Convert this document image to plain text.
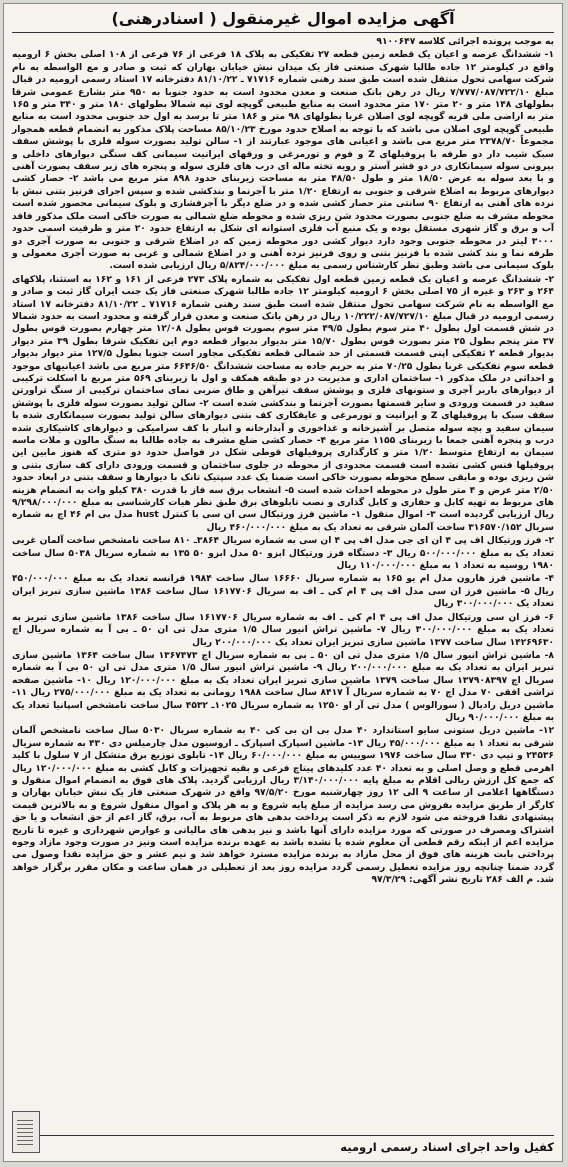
آگهی مزایده اموال غیرمنقول ( اسنادرهنی)

به موجب پرونده اجرائی کلاسه ۹۱۰۰۶۴۷

۱- ششدانگ عرصه و اعیان یک قطعه زمین قطعه ۲۷ تفکیکی به پلاک ۱۸ فرعی از ۷۶ فرعی از ۱۰۸ اصلی بخش ۶ ارومیه واقع در کیلومتر ۱۲ جاده طالبا شهرک صنعتی فاز یک میدان نبش خیابان بهاران که ثبت و صادر و مع الواسطه به نام شرکت سهامی تحول منتقل شده است طبق سند رهنی شماره ۷۱۷۱۶ ـ ۸۱/۱۰/۲۲ دفترخانه ۱۷ استاد رسمی ارومیه در قبال مبلغ ۷/۷۷۷/۰۸۷/۷۲۲/۱۰ ریال در رهن بانک صنعت و معدن محدود است به حدود جنوبا به ۹۵۰ متر بشارع عمومی شرقا بطولهای ۱۴۸ متر و ۲۰ متر ۱۷۰ متر محدود است به منابع طبیعی گوپچه لوی تپه شمالا بطولهای ۱۸۰ متر و ۳۴۰ متر و ۱۶۵ متر به اراضی ملی قریه گوپچه لوی اصلان غربا بطولهای ۹۸ متر و ۱۸۶ متر تا برسد به اول حد جنوبی محدود است به منابع طبیعی گوپچه لوی اصلان می باشد که با توجه به اصلاح حدود مورخ ۸۵/۱۰/۲۳ مساحت پلاک مذکور به انضمام قطعه همجوار مجموعاً ۲۳۷۸/۷۰ متر مربع می باشد و اعیانی های موجود عبارتند از ۱- سالن تولید بصورت سوله فلزی با پوشش سقف سبک شیب دار دو طرفه با پروفیلهای Z و فوم و تورمرغی و ورقهای ایرانیت سیمانی کف سنگی دیوارهای داخلی و بیرونی سوله سیمانکاری در دو قشر آستر و رویه تخته ماله ای درب های فلزی سوله و پنجره های زیر سقف بصورت آهنی و با بعد سوله به عرض ۱۸/۵۰ متر و طول ۴۸/۵۰ متر به مساحت زیربنای حدود ۸۹۸ متر مربع می باشد ۲- حصار کشی دیوارهای مربوط به اضلاع شرقی و جنوبی به ارتفاع ۱/۲۰ متر با آجرنما و بندکشی شده و سپس اجرای فرنیز بتنی نبش با نرده های آهنی به ارتفاع ۹۰ سانتی متر حصار کشی شده و در ضلع دیگر با آجرفشاری و بلوک سیمانی محصور شده است محوطه مشرف به ضلع جنوبی بصورت محدود شن ریزی شده و محوطه ضلع شمالی به صورت خاکی است ملک مذکور فاقد آب و برق و گاز شهری مستقل بوده و یک منبع آب فلزی استوانه ای شکل به ارتفاع حدود ۲۰ متر و ظرفیت اسمی حدود ۳۰۰۰ لیتر در محوطه جنوبی وجود دارد دیوار کشی دور محوطه زمین که در اضلاع شرقی و جنوبی به صورت آجری دو طرفه نما و بند کشی شده با فرنیز بتنی و روی فرنیز نرده آهنی و در اضلاع شمالی و غربی به صورت آجری معمولی و بلوک سیمانی می باشد وطبق نظر کارشناس رسمی به مبلغ ۵/۸۲۴/۰۰۰/۰۰۰ ریال ارزیابی شده است.

۲- ششدانگ عرصه و اعیان یک قطعه زمین قطعه اول تفکیکی به شماره پلاک ۲۷۳ فرعی از ۱۶۱ و ۱۶۲ به استثنا، پلاکهای ۲۶۴ و ۲۶۳ و غیره از ۷۵ اصلی بخش ۶ ارومیه کیلومتر ۱۲ جاده طالبا شهرک صنعتی فاز یک جنب ایران گاز ثبت و صادر و مع الواسطه به نام شرکت سهامی تحول منتقل شده است طبق سند رهنی شماره ۷۱۷۱۶ ـ ۸۱/۱۰/۲۲ دفترخانه ۱۷ استاد رسمی ارومیه در قبال مبلغ ۱۰/۲۲۲/۰۸۷/۷۲۷/۱۰ ریال در رهن بانک صنعت و معدن قرار گرفته و محدود است به حدود شمالا در شش قسمت اول بطول ۴۰ متر سوم بطول ۴۹/۵ متر سوم بصورت قوس بطول ۱۲/۰۸ متر چهارم بصورت قوس بطول ۳۷ متر پنجم بطول ۲۵ متر بصورت قوس بطول ۱۵/۷۰ متر بدیوار بدیوار قطعه دوم این تفکیک شرقا بطول ۳۹ متر دیوار بدیوار قطعه ۲ تفکیکی اپنی قسمت قسمتی از حد شمالی قطعه تفکیکی مجاور است جنوبا بطول ۱۲۷/۵ متر دیوار بدیوار قطعه سوم تفکیکی غربا بطول ۷۰/۲۵ متر به حریم جاده به مساحت ششدانگ ۶۶۴۶/۵۰ متر مربع می باشد اعیانیهای موجود و احداثی در ملک مذکور ۱- ساختمان اداری و مدیریت در دو طبقه همکف و اول با زیربنای ۵۶۹ متر مربع با اسکلت ترکیبی از دیوارهای باربر آجری و ستونهای فلزی و پوشش سقف تیرآهن و طاق ضربی نمای ساختمان ترکیبی از سنگ تراورتن سفید در قسمت ورودی و سایر قسمتها بصورت آجرنما و بندکشی شده است ۲- سالن تولید بصورت سوله فلزی با پوشش سقف سبک با پروفیلهای Z و ایرانیت و تورمرغی و عایقکاری کف بتنی دیوارهای سالن تولید بصورت سیمانکاری شده با سیمان سفید و بچه سوله متصل بر آشپزخانه و غذاخوری و آبدارخانه و انبار با کف سرامیکی و دیوارهای کاشیکاری شده درب و پنجره آهنی جمعا با زیربنای ۱۱۵۵ متر مربع ۴- حصار کشی ضلع مشرف به جاده طالبا به سنگ مالون و ملات ماسه سیمان به ارتفاع متوسط ۱/۲۰ متر و کارگذاری پروفیلهای قوطی شکل در فواصل حدود دو متری که هنوز مابین این پروفیلها فنس کشی نشده است قسمت محدودی از محوطه در جلوی ساختمان و قسمت ورودی دارای کف سازی بتنی و شن ریزی بوده و مابقی سطح محوطه بصورت خاکی است ضمنا یک عدد سپتیک تانک با دیوارها و سقف بتنی در ابعاد حدود ۲/۵۰ متر عرض و ۴ متر طول در محوطه احداث شده است ۵- انشعاب برق سه فاز با قدرت ۳۸۰ کیلو وات به انضمام هزینه های مربوط به تهیه کابل و حفاری و کابل گذاری و نصب تابلوهای برق طبق نظر هیات کارشناسی به مبلغ ۹/۲۹۸/۰۰۰/۰۰۰ ریال ارزیابی گردیده است ۳- اموال منقول ۱- ماشین فرز ورتیکال سی ان سی با کنترل hust مدل بی ام ۴۶ اچ به شماره سریال ۳۱۶۵۷۰/۱۵۲ ساخت آلمان شرقی به تعداد یک به مبلغ ۴۶۰/۰۰۰/۰۰۰ ریال

۲- فرز ورتیکال اف پی ۴ ان ای جی مدل اف پی ۴ ان سی به شماره سریال ۳۸۶۴ـ ۸۱۰ ساخت نامشخص ساخت آلمان غربی تعداد یک به مبلغ ۵۰۰/۰۰۰/۰۰۰ ریال ۳- دستگاه فرز ورتیکال ابزو ۵۰ مدل ابزو ۵۰ ۱۳۵ به شماره سریال ۵۰۳۸ سال ساخت ۱۹۸۰ روسیه به تعداد ۱ به مبلغ ۱۱۰/۰۰۰/۰۰۰ ریال

۴- ماشین فرز هارون مدل ام یو ۱۶۵ به شماره سریال ۱۶۶۶۰ سال ساخت ۱۹۸۴ فرانسه تعداد یک به مبلغ ۴۵۰/۰۰۰/۰۰۰ ریال ۵- ماشین فرز ان سی مدل اف پی ۴ ام کی ـ اف به سریال ۱۶۱۷۷۰۶ سال ساخت ۱۳۸۶ ماشین سازی تبریز ایران تعداد یک ۳۰۰/۰۰۰/۰۰۰ ریال

۶- فرز ان سی ورتیکال مدل اف پی ۴ ام کی ـ اف به شماره سریال ۱۶۱۷۷۰۶ سال ساخت ۱۳۸۶ ماشین سازی تبریز به تعداد یک به مبلغ ۳۰۰/۰۰۰/۰۰۰ ریال ۷- ماشین تراش انیور سال ۱/۵ متری مدل تی ان ۵۰ ـ بی آ به شماره سریال اچ ۱۴۲۶۹۶۳۰ سال ساخت ۱۳۷۷ ماشین سازی تبریز ایران تعداد یک ۲۰۰/۰۰۰/۰۰۰ ریال

۸- ماشین تراش انیور سال ۱/۵ متری مدل تی ان ۵۰ ـ بی به شماره سریال اچ ۱۳۶۷۴۷۳ سال ساخت ۱۳۶۴ ماشین سازی تبریز ایران به تعداد یک به مبلغ ۲۰۰/۰۰۰/۰۰۰ ریال ۹- ماشین تراش انیور سال ۱/۵ متری مدل تی ان ۵۰ بی آ به شماره سریال اچ ۱۳۷۹۰۸۳۹۷ سال ساخت ۱۳۷۹ ماشین سازی تبریز ایران تعداد یک به مبلغ ۱۲۰/۰۰۰/۰۰۰ ریال ۱۰- ماشین صفحه تراشی افقی ۷۰ مدل اچ ۷۰ به شماره سریال آ ۸۴۱۷ سال ساخت ۱۹۸۸ رومانی به تعداد یک به مبلغ ۲۷۵/۰۰۰/۰۰۰ ریال ۱۱- ماشین دریل رادیال ( سورالوس ) مدل تی آر او ۱۲۵۰ به شماره سریال ۱۰۲۵ـ ۴۵۳۲ سال ساخت نامشخص اسپانیا تعداد یک به مبلغ ۹۰/۰۰۰/۰۰۰ ریال

۱۲- ماشین دریل ستونی سایو استاندارد ۴۰ مدل بی ان بی کی ۴۰ به شماره سریال ۵۰۳۰ سال ساخت نامشخص آلمان شرقی به تعداد ۱ به مبلغ ۴۵/۰۰۰/۰۰۰ ریال ۱۳- ماشین اسپارک اسپارک ـ اروسیون مدل چارمیلس دی ۴۳۰ به شماره سریال ۲۴۵۳۶ و تیپ دی ۴۳۰ سال ساخت ۱۹۷۶ سوییس به مبلغ ۶۰/۰۰۰/۰۰۰ ریال ۱۴- تابلوی توزیع برق متشکل از ۷ سلول با کلید اهرمی قطع و وصل اصلی و به تعداد ۴۰ عدد کلیدهای پیتاچ فرعی و بقیه تجهیزات و کابل کشی به مبلغ ۱۲۰/۰۰۰/۰۰۰ ریال که جمع کل ارزش ریالی اقلام به مبلغ پایه ۳/۱۴۰/۰۰۰/۰۰۰ ریال ارزیابی گردید. پلاک های فوق به انضمام اموال منقول و دستگاهها اعلامی از ساعت ۹ الی ۱۲ روز چهارشنبه مورخ ۹۷/۵/۲۰ واقع در شهرک صنعتی فاز یک نبش خیابان بهاران و کارگر از طریق مزایده بفروش می رسد مزایده از مبلغ پایه شروع و به هر پلاک و اموال منقول شروع و به بالاترین قیمت پیشنهادی نقدا فروخته می شود لازم به ذکر است پرداخت بدهی های مربوط به آب، برق، گاز اعم از حق انشعاب و یا حق اشتراک ومصرف در صورتی که مورد مزایده دارای آنها باشد و نیز بدهی های مالیاتی و عوارض شهرداری و غیره تا تاریخ مزایده اعم از اینکه رقم قطعی آن معلوم شده یا نشده باشد به عهده برنده مزایده است ونیز در صورت وجود مازاد وجوه پرداختی بابت هزینه های فوق از محل مازاد به برنده مزایده مسترد خواهد شد و نیم عشر و حق مزایده نقدا وصول می گردد ضمنا چنانچه روز مزایده تعطیل رسمی گردد مزایده روز بعد از تعطیلی در همان ساعت و مکان مقرر برگزار خواهد شد. م الف ۲۸۶ تاریخ نشر آگهی: ۹۷/۳/۲۹

کفیل واحد اجرای اسناد رسمی ارومیه
